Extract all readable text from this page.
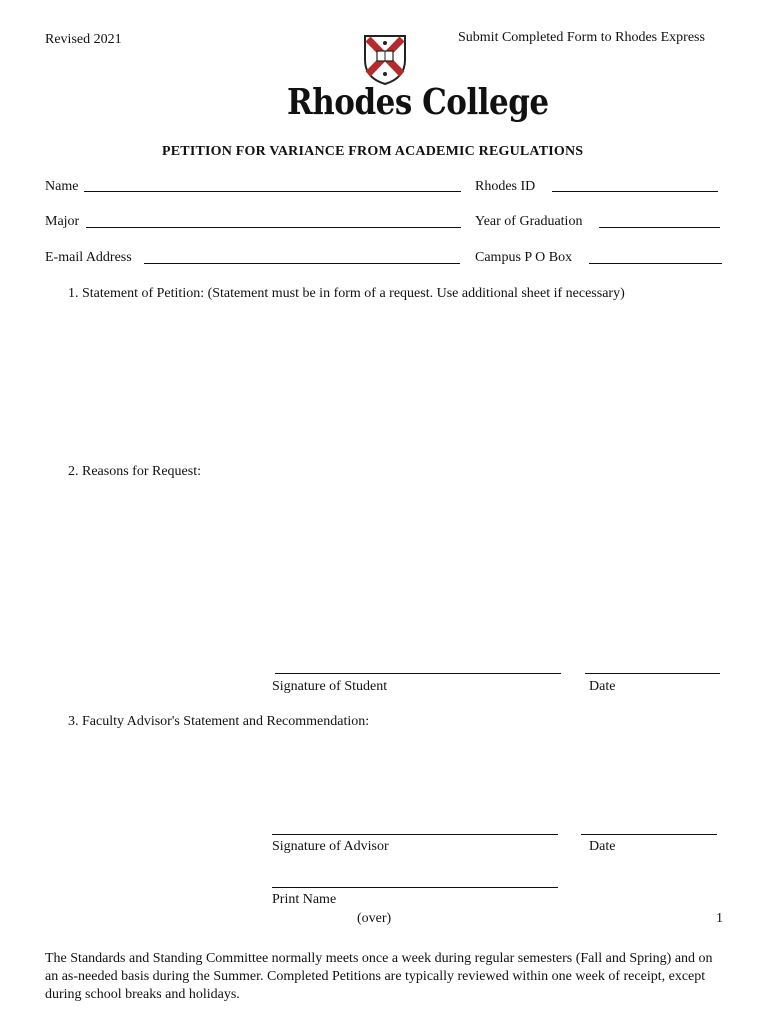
Revised 2021	Submit Completed Form to Rhodes Express
Rhodes College
PETITION FOR VARIANCE FROM ACADEMIC REGULATIONS
Name	Rhodes ID
Major	Year of Graduation
E-mail Address	Campus P O Box
1. Statement of Petition: (Statement must be in form of a request. Use additional sheet if necessary)
2. Reasons for Request:
Signature of Student	Date
3. Faculty Advisor's Statement and Recommendation:
Signature of Advisor	Date
Print Name
(over)	1
The Standards and Standing Committee normally meets once a week during regular semesters (Fall and Spring) and on an as-needed basis during the Summer. Completed Petitions are typically reviewed within one week of receipt, except during school breaks and holidays.
